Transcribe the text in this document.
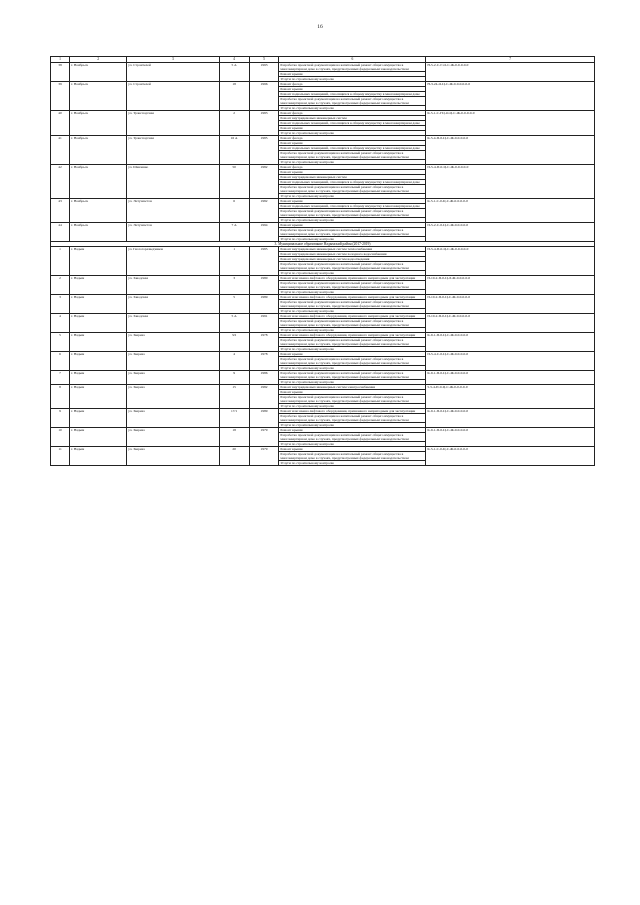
16
1	2	3	4	5	6	7
38	г. Ноябрьск	ул. Строителей	5 А	1993	Разработка проектной документации на капитальный ремонт общего имущества в многоквартирном доме в случаях, предусмотренных федеральным законодательством	Н-5-2-С-Г-О-С-Ж-0-0-0-0-0
					Ремонт крыши	
					Услуги по строительному контролю	
39	г. Ноябрьск	ул. Строителей	18	1996	Ремонт фасада	Н-3-24-О-Ц-С-Ж-0-0-0-0-0-0
					Ремонт крыши	
					Ремонт подвальных помещений, относящихся к общему имуществу в многоквартирном доме	
					Разработка проектной документации на капитальный ремонт общего имущества в многоквартирном доме в случаях, предусмотренных федеральным законодательством	
					Услуги по строительному контролю	
40	г. Ноябрьск	ул. Транспортная	2	1983	Ремонт фасада	К-5-1-С-ГЦ-О-Ц-С-Ж-0-0-0-0-0
					Ремонт внутридомовых инженерных систем	
					Ремонт подвальных помещений, относящихся к общему имуществу в многоквартирном доме	
					Ремонт крыши	
					Услуги по строительному контролю	
41	г. Ноябрьск	ул. Транспортная	16 А	1985	Ремонт фасада	К-5-4-П-0-Ц-С-Ж-0-0-0-0-0
					Ремонт крыши	
					Ремонт подвальных помещений, относящихся к общему имуществу в многоквартирном доме	
					Разработка проектной документации на капитальный ремонт общего имущества в многоквартирном доме в случаях, предусмотренных федеральным законодательством	
					Услуги по строительному контролю	
42	г. Ноябрьск	ул. Шевченко	50	1982	Ремонт фасада	П-5-4-П-0-Ц-С-Ж-0-0-0-0-0
					Ремонт крыши	
					Ремонт внутридомовых инженерных систем	
					Ремонт подвальных помещений, относящихся к общему имуществу в многоквартирном доме	
					Разработка проектной документации на капитальный ремонт общего имущества в многоквартирном доме в случаях, предусмотренных федеральным законодательством	
					Услуги по строительному контролю	
43	г. Ноябрьск	ул. Энтузиастов	6	1982	Ремонт крыши	К-5-1-С-0-Ц-С-Ж-0-0-0-0-0
					Ремонт подвальных помещений, относящихся к общему имуществу в многоквартирном доме	
					Разработка проектной документации на капитальный ремонт общего имущества в многоквартирном доме в случаях, предусмотренных федеральным законодательством	
					Услуги по строительному контролю	
44	г. Ноябрьск	ул. Энтузиастов	7 А	1994	Ремонт крыши	П-5-2-С-0-Ц-С-Ж-0-0-0-0-0
					Разработка проектной документации на капитальный ремонт общего имущества в многоквартирном доме в случаях, предусмотренных федеральным законодательством	
					Услуги по строительному контролю	
3. Муниципальное образование Надымский район (2017-2019)						
1	г. Надым	ул. Геологоразведчиков	1	1985	Ремонт внутридомовых инженерных систем теплоснабжения	П-5-4-П-0-Ц-С-Ж-0-0-0-0-0
					Ремонт внутридомовых инженерных систем холодного водоснабжения	
					Ремонт внутридомовых инженерных систем водоотведения	
					Разработка проектной документации на капитальный ремонт общего имущества в многоквартирном доме в случаях, предусмотренных федеральным законодательством	
					Услуги по строительному контролю	
2	г. Надым	ул. Заводская	3	1980	Ремонт или замена лифтового оборудования, признанного непригодным для эксплуатации	П-10-2-П-0-Ц-Л-Ж-0-0-0-0-0
					Разработка проектной документации на капитальный ремонт общего имущества в многоквартирном доме в случаях, предусмотренных федеральным законодательством	
					Услуги по строительному контролю	
3	г. Надым	ул. Заводская	5	1989	Ремонт или замена лифтового оборудования, признанного непригодным для эксплуатации	П-10-2-П-0-Ц-С-Ж-0-0-0-0-0
					Разработка проектной документации на капитальный ремонт общего имущества в многоквартирном доме в случаях, предусмотренных федеральным законодательством	
					Услуги по строительному контролю	
4	г. Надым	ул. Заводская	5 А	1991	Ремонт или замена лифтового оборудования, признанного непригодным для эксплуатации	П-10-2-П-0-Ц-С-Ж-0-0-0-0-0
					Разработка проектной документации на капитальный ремонт общего имущества в многоквартирном доме в случаях, предусмотренных федеральным законодательством	
					Услуги по строительному контролю	
5	г. Надым	ул. Зверева	3/2	1978	Ремонт или замена лифтового оборудования, признанного непригодным для эксплуатации	К-9-1-П-0-Ц-С-Ж-0-0-0-0-0
					Разработка проектной документации на капитальный ремонт общего имущества в многоквартирном доме в случаях, предусмотренных федеральным законодательством	
					Услуги по строительному контролю	
6	г. Надым	ул. Зверева	4	1978	Ремонт крыши	П-5-4-С-0-Ц-С-Ж-0-0-0-0-0
					Разработка проектной документации на капитальный ремонт общего имущества в многоквартирном доме в случаях, предусмотренных федеральным законодательством	
					Услуги по строительному контролю	
7	г. Надым	ул. Зверева	9	1986	Разработка проектной документации на капитальный ремонт общего имущества в многоквартирном доме в случаях, предусмотренных федеральным законодательством	К-9-1-П-0-Ц-С-Ж-0-0-0-0-0
					Услуги по строительному контролю	
8	г. Надым	ул. Зверева	15	1982	Ремонт внутридомовых инженерных систем электроснабжения	5-5-4-П-0-Ц-С-Ж-0-0-0-0-0
					Ремонт крыши	
					Разработка проектной документации на капитальный ремонт общего имущества в многоквартирном доме в случаях, предусмотренных федеральным законодательством	
					Услуги по строительному контролю	
9	г. Надым	ул. Зверева	17/1	1989	Ремонт или замена лифтового оборудования, признанного непригодным для эксплуатации	К-9-1-П-0-Ц-С-Ж-0-0-0-0-0
					Разработка проектной документации на капитальный ремонт общего имущества в многоквартирном доме в случаях, предусмотренных федеральным законодательством	
					Услуги по строительному контролю	
10	г. Надым	ул. Зверева	18	1979	Ремонт крыши	К-9-1-П-0-Ц-С-Ж-0-0-0-0-0
					Разработка проектной документации на капитальный ремонт общего имущества в многоквартирном доме в случаях, предусмотренных федеральным законодательством	
					Услуги по строительному контролю	
11	г. Надым	ул. Зверева	20	1979	Ремонт крыши	К-5-1-С-0-Ц-С-Ж-0-0-0-0-0
					Разработка проектной документации на капитальный ремонт общего имущества в многоквартирном доме в случаях, предусмотренных федеральным законодательством	
					Услуги по строительному контролю	
